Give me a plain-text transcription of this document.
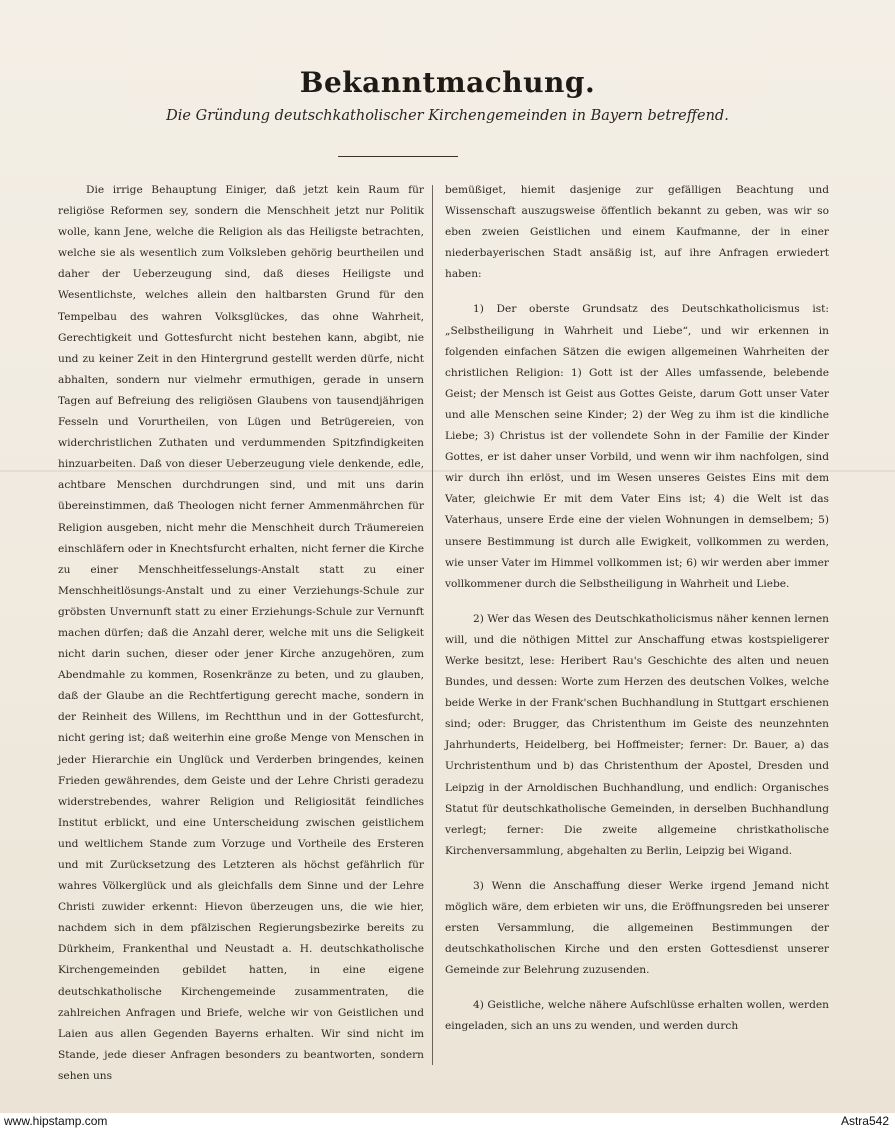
Bekanntmachung.
Die Gründung deutschkatholischer Kirchengemeinden in Bayern betreffend.

Die irrige Behauptung Einiger, daß jetzt kein Raum für religiöse Reformen sey, sondern die Menschheit jetzt nur Politik wolle, kann Jene, welche die Religion als das Heiligste betrachten, welche sie als wesentlich zum Volksleben gehörig beurtheilen und daher der Ueberzeugung sind, daß dieses Heiligste und Wesentlichste, welches allein den haltbarsten Grund für den Tempelbau des wahren Volksglückes, das ohne Wahrheit, Gerechtigkeit und Gottesfurcht nicht bestehen kann, abgibt, nie und zu keiner Zeit in den Hintergrund gestellt werden dürfe, nicht abhalten, sondern nur vielmehr ermuthigen, gerade in unsern Tagen auf Befreiung des religiösen Glaubens von tausendjährigen Fesseln und Vorurtheilen, von Lügen und Betrügereien, von widerchristlichen Zuthaten und verdummenden Spitzfindigkeiten hinzuarbeiten. Daß von dieser Ueberzeugung viele denkende, edle, achtbare Menschen durchdrungen sind, und mit uns darin übereinstimmen, daß Theologen nicht ferner Ammenmährchen für Religion ausgeben, nicht mehr die Menschheit durch Träumereien einschläfern oder in Knechtsfurcht erhalten, nicht ferner die Kirche zu einer Menschheitfesselungs-Anstalt statt zu einer Menschheitlösungs-Anstalt und zu einer Verziehungs-Schule zur gröbsten Unvernunft statt zu einer Erziehungs-Schule zur Vernunft machen dürfen; daß die Anzahl derer, welche mit uns die Seligkeit nicht darin suchen, dieser oder jener Kirche anzugehören, zum Abendmahle zu kommen, Rosenkränze zu beten, und zu glauben, daß der Glaube an die Rechtfertigung gerecht mache, sondern in der Reinheit des Willens, im Rechtthun und in der Gottesfurcht, nicht gering ist; daß weiterhin eine große Menge von Menschen in jeder Hierarchie ein Unglück und Verderben bringendes, keinen Frieden gewährendes, dem Geiste und der Lehre Christi geradezu widerstrebendes, wahrer Religion und Religiosität feindliches Institut erblickt, und eine Unterscheidung zwischen geistlichem und weltlichem Stande zum Vorzuge und Vortheile des Ersteren und mit Zurücksetzung des Letzteren als höchst gefährlich für wahres Völkerglück und als gleichfalls dem Sinne und der Lehre Christi zuwider erkennt: Hievon überzeugen uns, die wie hier, nachdem sich in dem pfälzischen Regierungsbezirke bereits zu Dürkheim, Frankenthal und Neustadt a. H. deutschkatholische Kirchengemeinden gebildet hatten, in eine eigene deutschkatholische Kirchengemeinde zusammentraten, die zahlreichen Anfragen und Briefe, welche wir von Geistlichen und Laien aus allen Gegenden Bayerns erhalten. Wir sind nicht im Stande, jede dieser Anfragen besonders zu beantworten, sondern sehen uns

bemüßiget, hiemit dasjenige zur gefälligen Beachtung und Wissenschaft auszugsweise öffentlich bekannt zu geben, was wir so eben zweien Geistlichen und einem Kaufmanne, der in einer niederbayerischen Stadt ansäßig ist, auf ihre Anfragen erwiedert haben:

1) Der oberste Grundsatz des Deutschkatholicismus ist: „Selbstheiligung in Wahrheit und Liebe“, und wir erkennen in folgenden einfachen Sätzen die ewigen allgemeinen Wahrheiten der christlichen Religion: 1) Gott ist der Alles umfassende, belebende Geist; der Mensch ist Geist aus Gottes Geiste, darum Gott unser Vater und alle Menschen seine Kinder; 2) der Weg zu ihm ist die kindliche Liebe; 3) Christus ist der vollendete Sohn in der Familie der Kinder Gottes, er ist daher unser Vorbild, und wenn wir ihm nachfolgen, sind wir durch ihn erlöst, und im Wesen unseres Geistes Eins mit dem Vater, gleichwie Er mit dem Vater Eins ist; 4) die Welt ist das Vaterhaus, unsere Erde eine der vielen Wohnungen in demselbem; 5) unsere Bestimmung ist durch alle Ewigkeit, vollkommen zu werden, wie unser Vater im Himmel vollkommen ist; 6) wir werden aber immer vollkommener durch die Selbstheiligung in Wahrheit und Liebe.

2) Wer das Wesen des Deutschkatholicismus näher kennen lernen will, und die nöthigen Mittel zur Anschaffung etwas kostspieligerer Werke besitzt, lese: Heribert Rau's Geschichte des alten und neuen Bundes, und dessen: Worte zum Herzen des deutschen Volkes, welche beide Werke in der Frank'schen Buchhandlung in Stuttgart erschienen sind; oder: Brugger, das Christenthum im Geiste des neunzehnten Jahrhunderts, Heidelberg, bei Hoffmeister; ferner: Dr. Bauer, a) das Urchristenthum und b) das Christenthum der Apostel, Dresden und Leipzig in der Arnoldischen Buchhandlung, und endlich: Organisches Statut für deutschkatholische Gemeinden, in derselben Buchhandlung verlegt; ferner: Die zweite allgemeine christkatholische Kirchenversammlung, abgehalten zu Berlin, Leipzig bei Wigand.

3) Wenn die Anschaffung dieser Werke irgend Jemand nicht möglich wäre, dem erbieten wir uns, die Eröffnungsreden bei unserer ersten Versammlung, die allgemeinen Bestimmungen der deutschkatholischen Kirche und den ersten Gottesdienst unserer Gemeinde zur Belehrung zuzusenden.

4) Geistliche, welche nähere Aufschlüsse erhalten wollen, werden eingeladen, sich an uns zu wenden, und werden durch

www.hipstamp.com	Astra542
